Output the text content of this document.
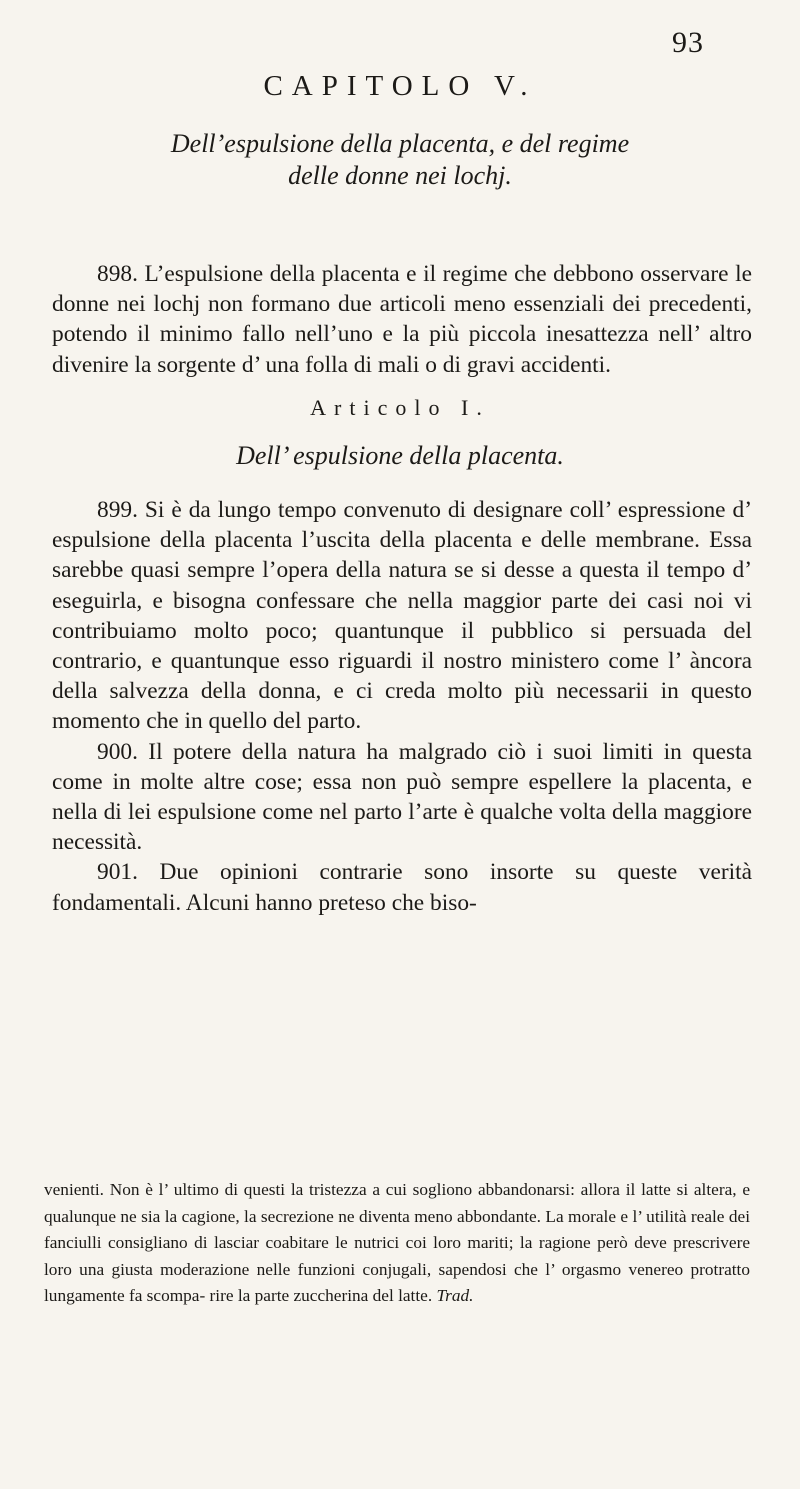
93
CAPITOLO V.
Dell’espulsione della placenta, e del regime
delle donne nei lochj.

898. L’espulsione della placenta e il regime che debbono osservare le donne nei lochj non formano due articoli meno essenziali dei precedenti, potendo il minimo fallo nell’uno e la più piccola inesattezza nell’ altro divenire la sorgente d’ una folla di mali o di gravi accidenti.

Articolo I.
Dell’ espulsione della placenta.

899. Si è da lungo tempo convenuto di designare coll’ espressione d’ espulsione della placenta l’uscita della placenta e delle membrane. Essa sarebbe quasi sempre l’opera della natura se si desse a questa il tempo d’ eseguirla, e bisogna confessare che nella maggior parte dei casi noi vi contribuiamo molto poco; quantunque il pubblico si persuada del contrario, e quantunque esso riguardi il nostro ministero come l’ àncora della salvezza della donna, e ci creda molto più necessarii in questo momento che in quello del parto.

900. Il potere della natura ha malgrado ciò i suoi limiti in questa come in molte altre cose; essa non può sempre espellere la placenta, e nella di lei espulsione come nel parto l’arte è qualche volta della maggiore necessità.

901. Due opinioni contrarie sono insorte su queste verità fondamentali. Alcuni hanno preteso che biso-

venienti. Non è l’ ultimo di questi la tristezza a cui sogliono abbandonarsi: allora il latte si altera, e qualunque ne sia la cagione, la secrezione ne diventa meno abbondante. La morale e l’ utilità reale dei fanciulli consigliano di lasciar coabitare le nutrici coi loro mariti; la ragione però deve prescrivere loro una giusta moderazione nelle funzioni conjugali, sapendosi che l’ orgasmo venereo protratto lungamente fa scompa- rire la parte zuccherina del latte. Trad.
